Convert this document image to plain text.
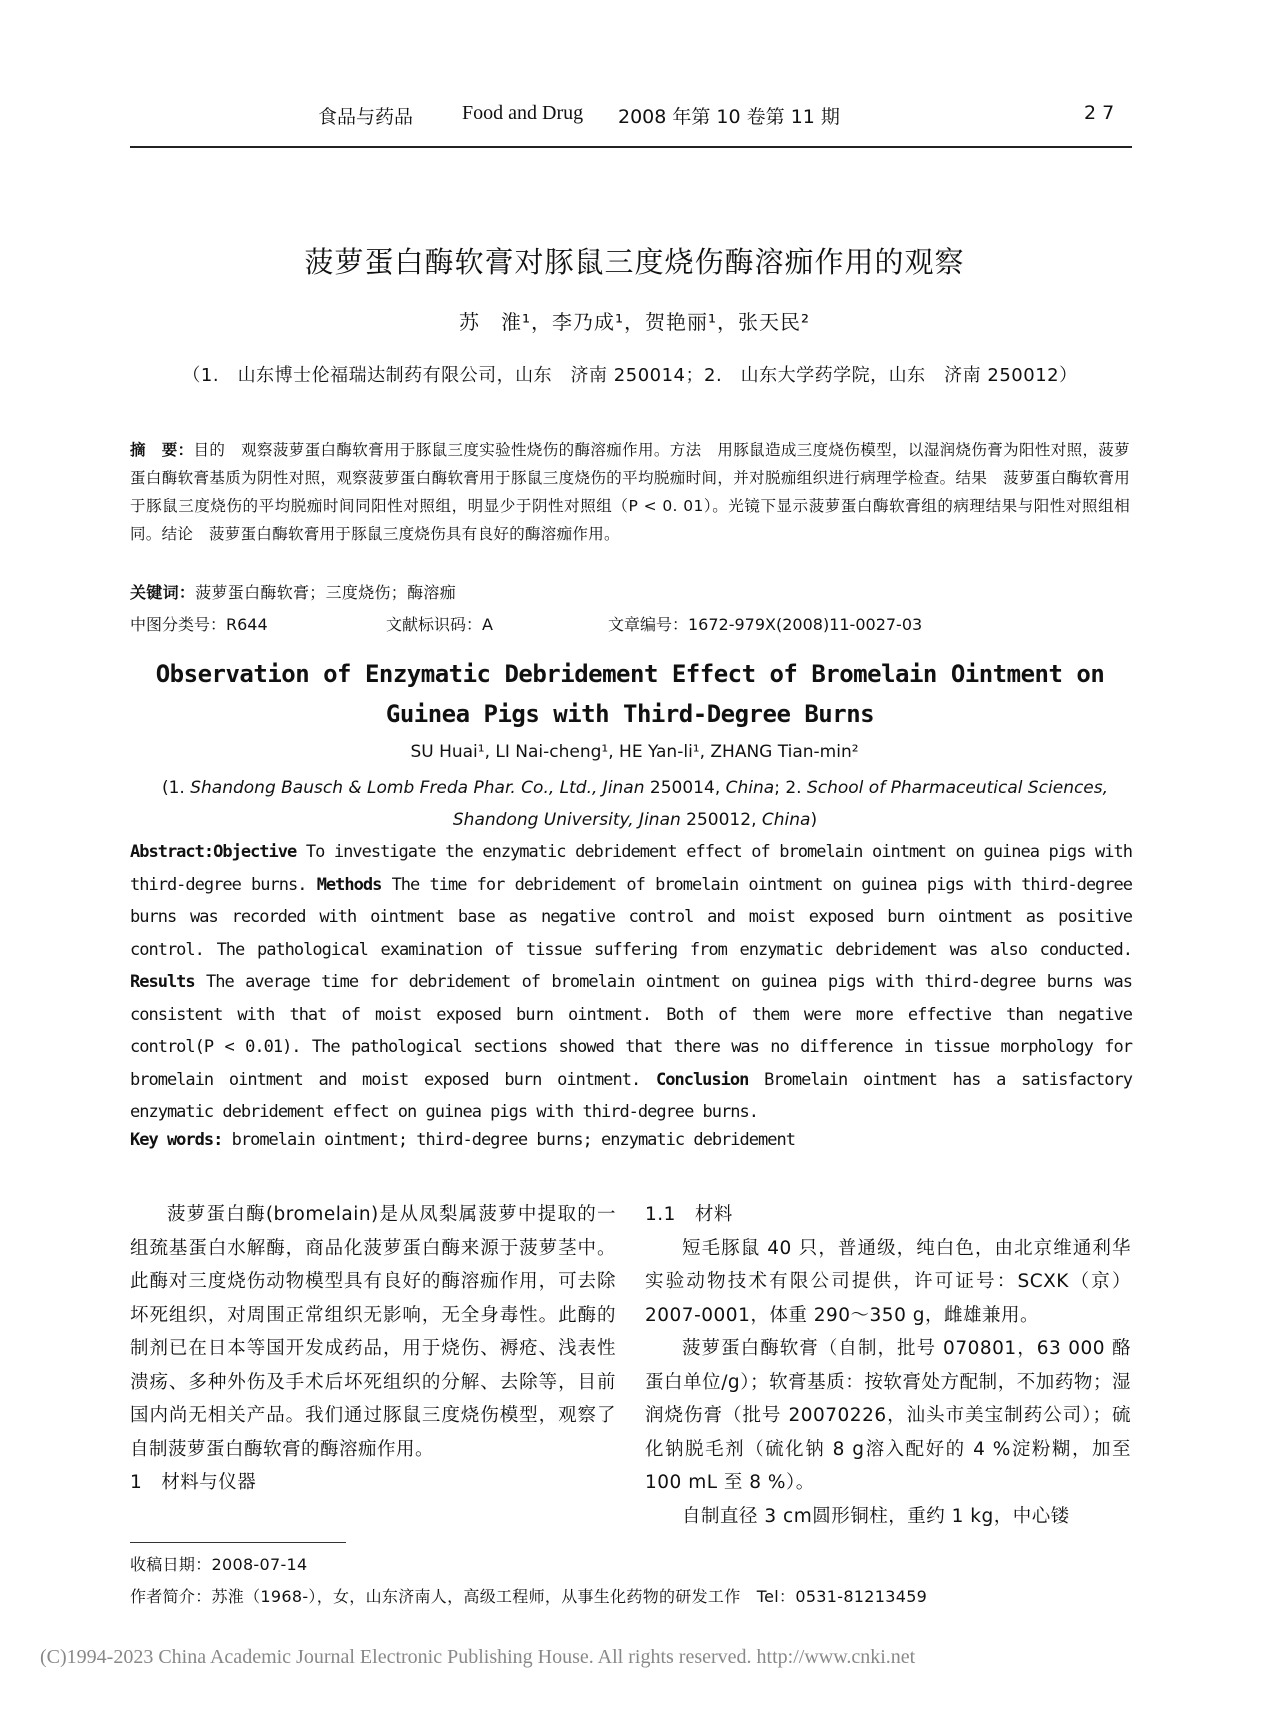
食品与药品 Food and Drug 2008 年第 10 卷第 11 期	2 7
菠萝蛋白酶软膏对豚鼠三度烧伤酶溶痂作用的观察
苏　淮¹，李乃成¹，贺艳丽¹，张天民²
（1.　山东博士伦福瑞达制药有限公司，山东　济南 250014；2.　山东大学药学院，山东　济南 250012）
摘　要：目的　观察菠萝蛋白酶软膏用于豚鼠三度实验性烧伤的酶溶痂作用。方法　用豚鼠造成三度烧伤模型，以湿润烧伤膏为阳性对照，菠萝蛋白酶软膏基质为阴性对照，观察菠萝蛋白酶软膏用于豚鼠三度烧伤的平均脱痂时间，并对脱痂组织进行病理学检查。结果　菠萝蛋白酶软膏用于豚鼠三度烧伤的平均脱痂时间同阳性对照组，明显少于阴性对照组（P < 0. 01）。光镜下显示菠萝蛋白酶软膏组的病理结果与阳性对照组相同。结论　菠萝蛋白酶软膏用于豚鼠三度烧伤具有良好的酶溶痂作用。
关键词：菠萝蛋白酶软膏；三度烧伤；酶溶痂
中图分类号：R644	文献标识码：A	文章编号：1672-979X(2008)11-0027-03
Observation of Enzymatic Debridement Effect of Bromelain Ointment on Guinea Pigs with Third-Degree Burns
SU Huai¹, LI Nai-cheng¹, HE Yan-li¹, ZHANG Tian-min²
(1. Shandong Bausch & Lomb Freda Phar. Co., Ltd., Jinan 250014, China; 2. School of Pharmaceutical Sciences, Shandong University, Jinan 250012, China)
Abstract:Objective To investigate the enzymatic debridement effect of bromelain ointment on guinea pigs with third-degree burns. Methods The time for debridement of bromelain ointment on guinea pigs with third-degree burns was recorded with ointment base as negative control and moist exposed burn ointment as positive control. The pathological examination of tissue suffering from enzymatic debridement was also conducted. Results The average time for debridement of bromelain ointment on guinea pigs with third-degree burns was consistent with that of moist exposed burn ointment. Both of them were more effective than negative control(P < 0.01). The pathological sections showed that there was no difference in tissue morphology for bromelain ointment and moist exposed burn ointment. Conclusion Bromelain ointment has a satisfactory enzymatic debridement effect on guinea pigs with third-degree burns.
Key words: bromelain ointment; third-degree burns; enzymatic debridement

菠萝蛋白酶(bromelain)是从凤梨属菠萝中提取的一组巯基蛋白水解酶，商品化菠萝蛋白酶来源于菠萝茎中。此酶对三度烧伤动物模型具有良好的酶溶痂作用，可去除坏死组织，对周围正常组织无影响，无全身毒性。此酶的制剂已在日本等国开发成药品，用于烧伤、褥疮、浅表性溃疡、多种外伤及手术后坏死组织的分解、去除等，目前国内尚无相关产品。我们通过豚鼠三度烧伤模型，观察了自制菠萝蛋白酶软膏的酶溶痂作用。

1　材料与仪器

1.1　材料

短毛豚鼠 40 只，普通级，纯白色，由北京维通利华实验动物技术有限公司提供，许可证号：SCXK（京）2007-0001，体重 290～350 g，雌雄兼用。

菠萝蛋白酶软膏（自制，批号 070801，63 000 酪蛋白单位/g）；软膏基质：按软膏处方配制，不加药物；湿润烧伤膏（批号 20070226，汕头市美宝制药公司）；硫化钠脱毛剂（硫化钠 8 g溶入配好的 4 %淀粉糊，加至 100 mL 至 8 %）。

自制直径 3 cm圆形铜柱，重约 1 kg，中心镂

收稿日期：2008-07-14
作者简介：苏淮（1968-），女，山东济南人，高级工程师，从事生化药物的研发工作　Tel：0531-81213459
(C)1994-2023 China Academic Journal Electronic Publishing House. All rights reserved. http://www.cnki.net
